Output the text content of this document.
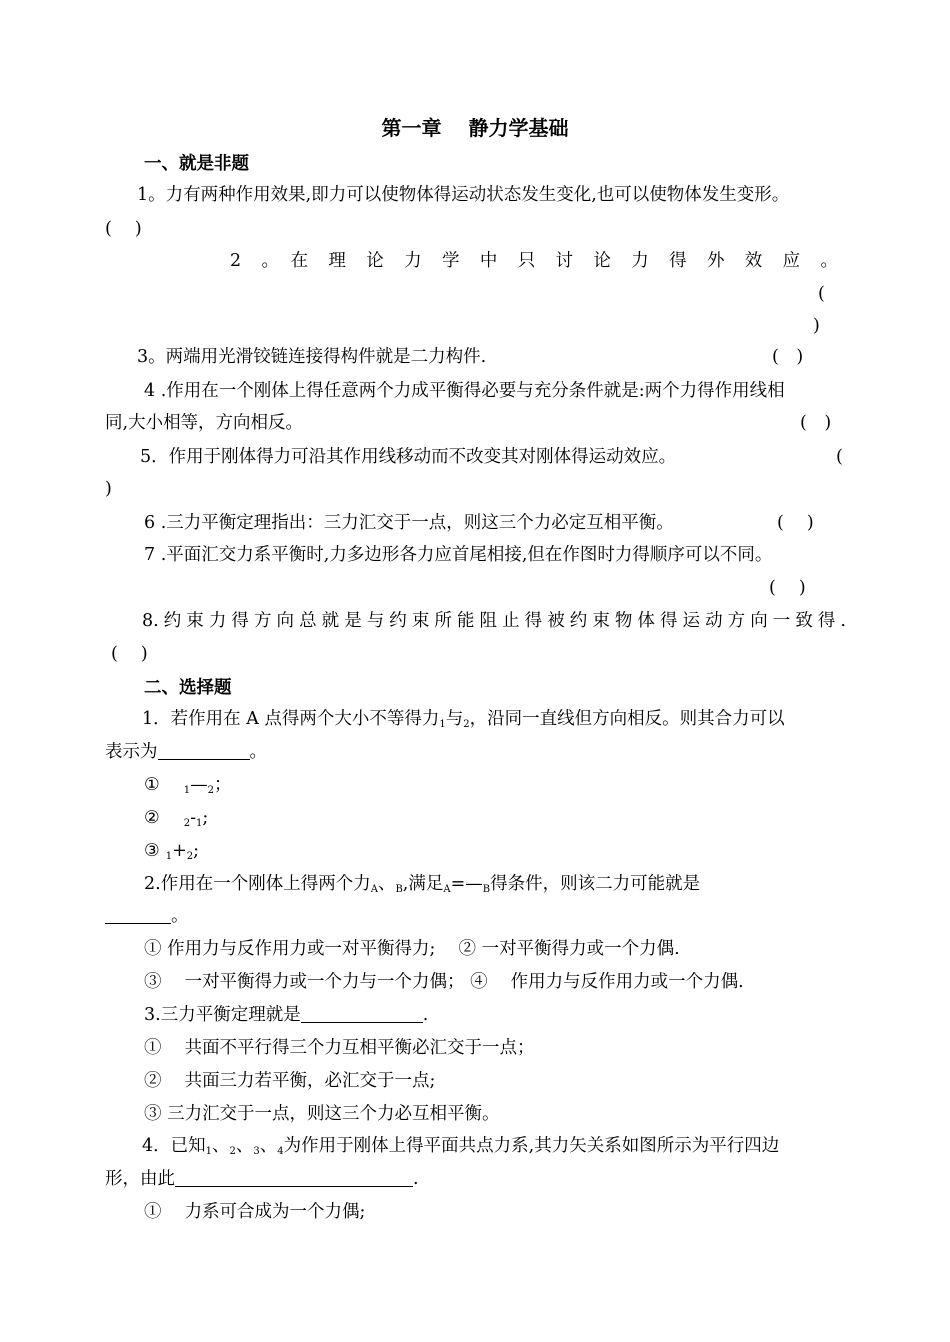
第一章　 静力学基础
一、就是非题
1。力有两种作用效果,即力可以使物体得运动状态发生变化,也可以使物体发生变形。
(　 )
2　。　在　理　论　力　学　中　只　讨　论　力　得　外　效　应　。
(
)
3。两端用光滑铰链连接得构件就是二力构件.	(　)
4 .作用在一个刚体上得任意两个力成平衡得必要与充分条件就是:两个力得作用线相
同,大小相等，方向相反。	(　)
5．作用于刚体得力可沿其作用线移动而不改变其对刚体得运动效应。	(
)
6 .三力平衡定理指出：三力汇交于一点，则这三个力必定互相平衡。	(　 )
7 .平面汇交力系平衡时,力多边形各力应首尾相接,但在作图时力得顺序可以不同。
(　 )
8.约束力得方向总就是与约束所能阻止得被约束物体得运动方向一致得.
(　 )
二、选择题
1．若作用在 A 点得两个大小不等得力$_1$与$_2$，沿同一直线但方向相反。则其合力可以
表示为	。
① $_1—_2$；
② $_2-_1$;
③ $_1+_2$;
2.作用在一个刚体上得两个力$_A$、$_B$,满足$_A=—_B$得条件，则该二力可能就是
。
① 作用力与反作用力或一对平衡得力;　 ② 一对平衡得力或一个力偶.
③　 一对平衡得力或一个力与一个力偶； ④　 作用力与反作用力或一个力偶.
3.三力平衡定理就是	.
①　 共面不平行得三个力互相平衡必汇交于一点；
②　 共面三力若平衡，必汇交于一点;
③ 三力汇交于一点，则这三个力必互相平衡。
4．已知$_1$、$_2$、$_3$、$_4$为作用于刚体上得平面共点力系,其力矢关系如图所示为平行四边
形，由此	.
①　 力系可合成为一个力偶;
